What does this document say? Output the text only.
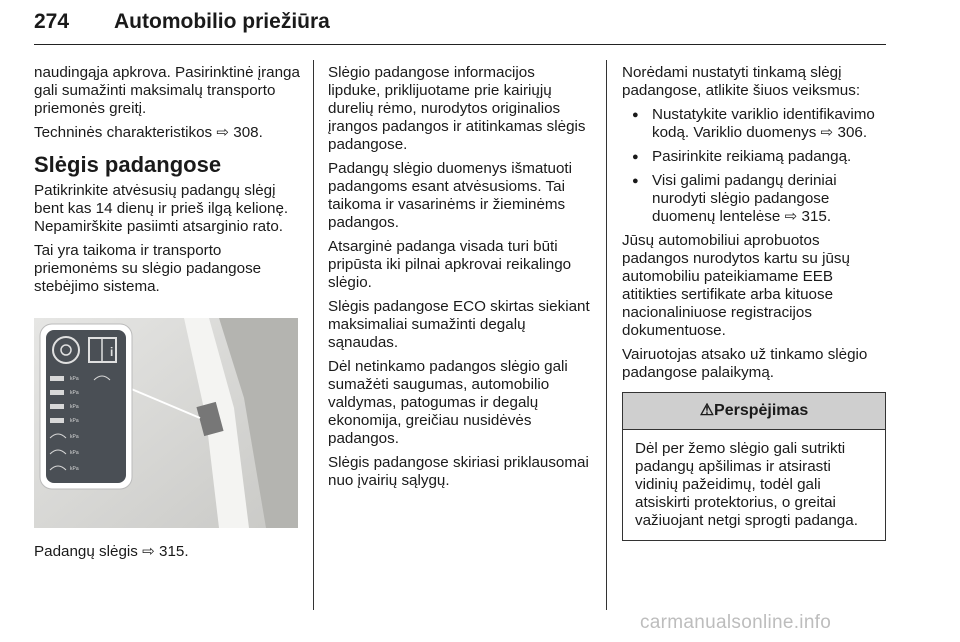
274 Automobilio priežiūra

naudingąja apkrova. Pasirinktinė įranga gali sumažinti maksimalų transporto priemonės greitį.

Techninės charakteristikos ⇨ 308.

Slėgis padangose

Patikrinkite atvėsusių padangų slėgį bent kas 14 dienų ir prieš ilgą kelionę. Nepamirškite pasiimti atsarginio rato.

Tai yra taikoma ir transporto priemonėms su slėgio padangose stebėjimo sistema.

i
kPa
kPa
kPa
kPa
kPa
kPa
kPa
Padangų slėgis ⇨ 315.

Slėgio padangose informacijos lipduke, priklijuotame prie kairiųjų durelių rėmo, nurodytos originalios įrangos padangos ir atitinkamas slėgis padangose.

Padangų slėgio duomenys išmatuoti padangoms esant atvėsusioms. Tai taikoma ir vasarinėms ir žieminėms padangos.

Atsarginė padanga visada turi būti pripūsta iki pilnai apkrovai reikalingo slėgio.

Slėgis padangose ECO skirtas siekiant maksimaliai sumažinti degalų sąnaudas.

Dėl netinkamo padangos slėgio gali sumažėti saugumas, automobilio valdymas, patogumas ir degalų ekonomija, greičiau nusidėvės padangos.

Slėgis padangose skiriasi priklausomai nuo įvairių sąlygų.

Norėdami nustatyti tinkamą slėgį padangose, atlikite šiuos veiksmus:

● Nustatykite variklio identifikavimo kodą. Variklio duomenys ⇨ 306.
● Pasirinkite reikiamą padangą.
● Visi galimi padangų deriniai nurodyti slėgio padangose duomenų lentelėse ⇨ 315.

Jūsų automobiliui aprobuotos padangos nurodytos kartu su jūsų automobiliu pateikiamame EEB atitikties sertifikate arba kituose nacionaliniuose registracijos dokumentuose.

Vairuotojas atsako už tinkamo slėgio padangose palaikymą.

⚠Perspėjimas
Dėl per žemo slėgio gali sutrikti padangų apšilimas ir atsirasti vidinių pažeidimų, todėl gali atsiskirti protektorius, o greitai važiuojant netgi sprogti padanga.
carmanualsonline.info
